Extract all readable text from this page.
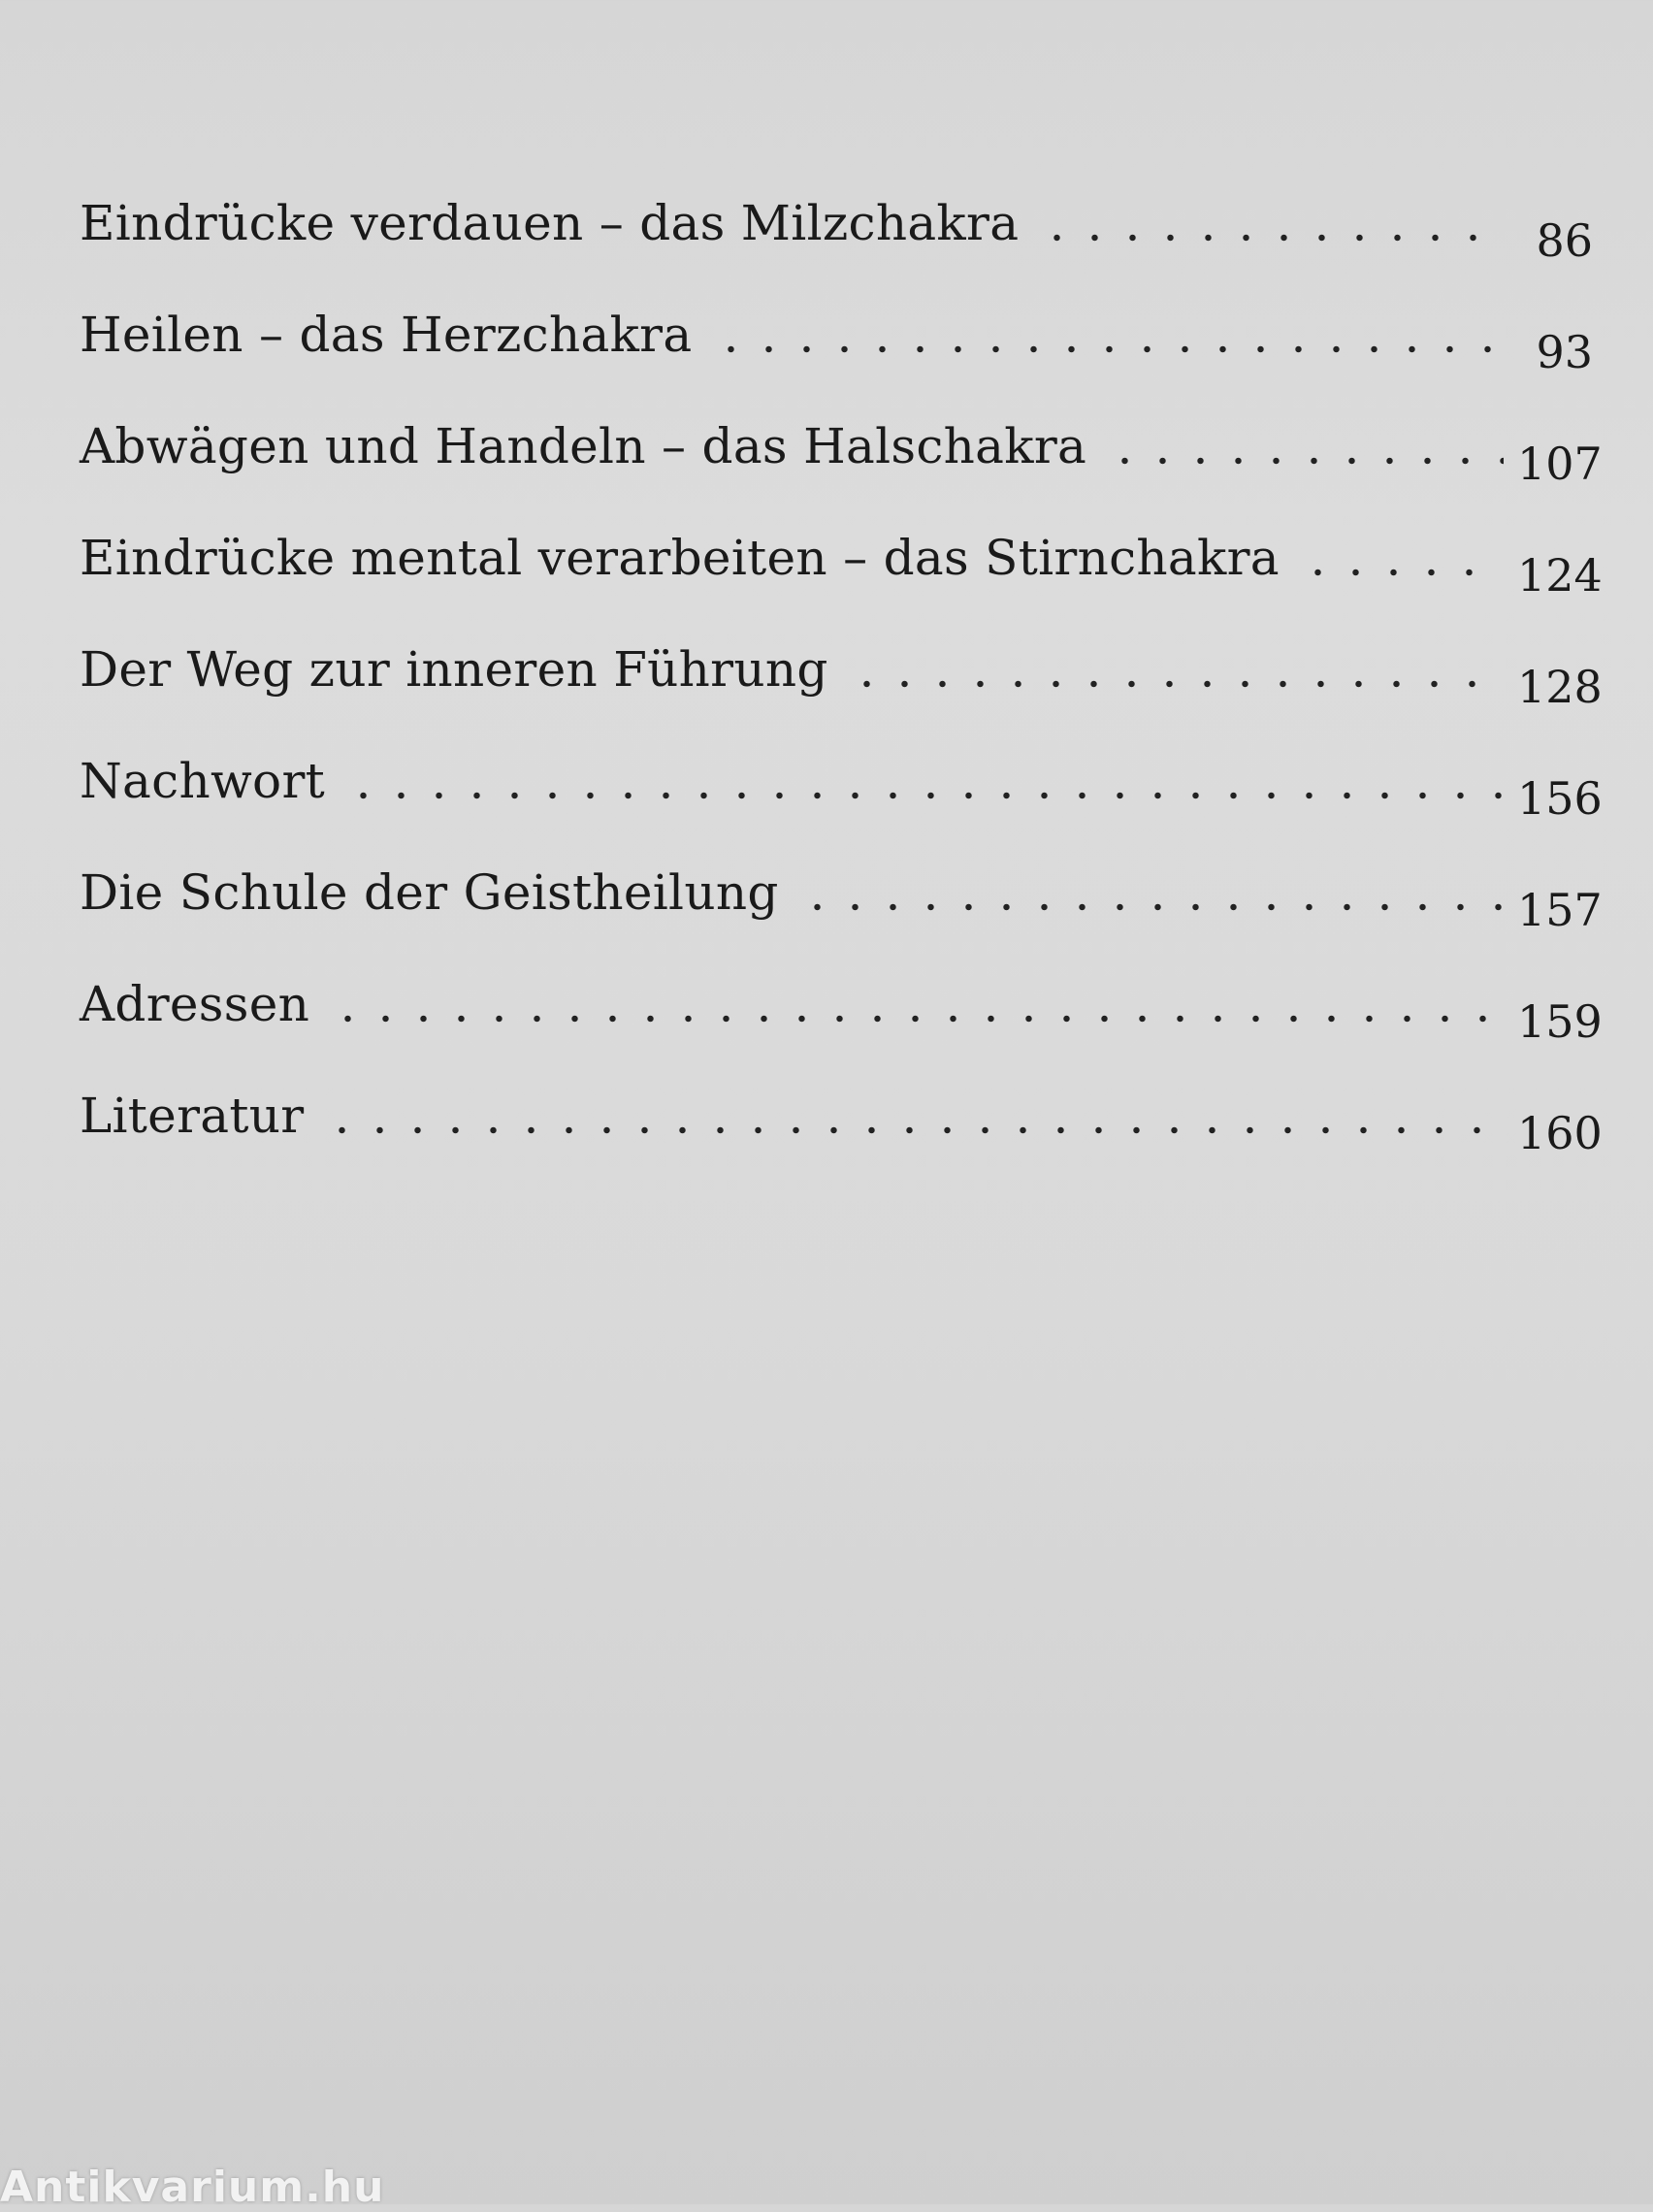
Eindrücke verdauen – das Milzchakra	86
Heilen – das Herzchakra	93
Abwägen und Handeln – das Halschakra	107
Eindrücke mental verarbeiten – das Stirnchakra	124
Der Weg zur inneren Führung	128
Nachwort	156
Die Schule der Geistheilung	157
Adressen	159
Literatur	160
Antikvarium.hu
